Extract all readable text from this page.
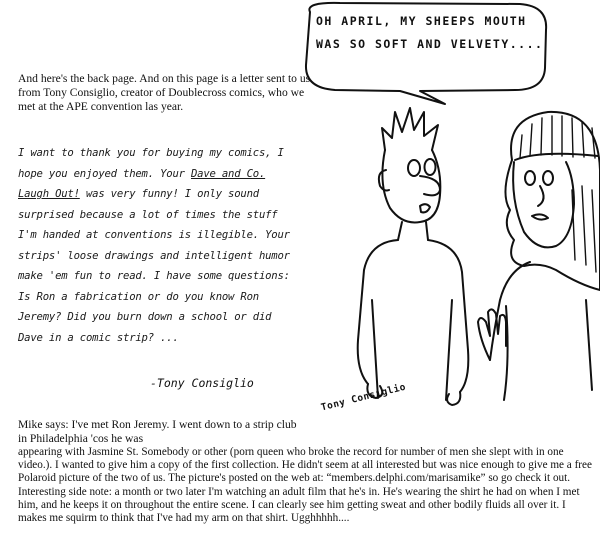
And here's the back page. And on this page is a letter sent to us from Tony Consiglio, creator of Doublecross comics, who we met at the APE convention las year.

I want to thank you for buying my comics, I hope you enjoyed them. Your Dave and Co. Laugh Out! was very funny! I only sound surprised because a lot of times the stuff I'm handed at conventions is illegible. Your strips' loose drawings and intelligent humor make 'em fun to read. I have some questions: Is Ron a fabrication or do you know Ron Jeremy? Did you burn down a school or did Dave in a comic strip? ...

-Tony Consiglio

OH APRIL, MY SHEEPS MOUTH WAS SO SOFT AND VELVETY....

Tony Consiglio

Mike says: I've met Ron Jeremy. I went down to a strip club in Philadelphia 'cos he was

appearing with Jasmine St. Somebody or other (porn queen who broke the record for number of men she slept with in one video.). I wanted to give him a copy of the first collection. He didn't seem at all interested but was nice enough to give me a free Polaroid picture of the two of us. The picture's posted on the web at: “members.delphi.com/marisamike” so go check it out. Interesting side note: a month or two later I'm watching an adult film that he's in. He's wearing the shirt he had on when I met him, and he keeps it on throughout the entire scene. I can clearly see him getting sweat and other bodily fluids all over it. I makes me squirm to think that I've had my arm on that shirt. Ugghhhhh....
